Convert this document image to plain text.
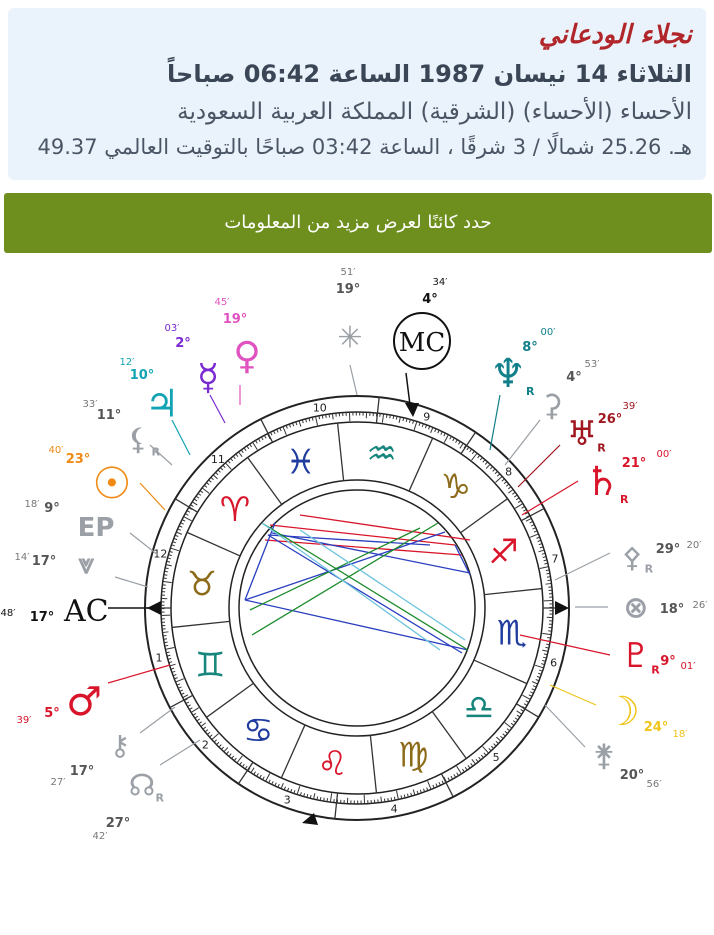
نجلاء الودعاني
الثلاثاء 14 نيسان 1987 الساعة 06:42 صباحاً
الأحساء (الأحساء) (الشرقية) المملكة العربية السعودية
هـ. 25.26 شمالًا / 3 شرقًا ، الساعة 03:42 صباحًا بالتوقيت العالمي 49.37
حدد كائنًا لعرض مزيد من المعلومات
1
2
3
4
5
6
7
8
9
10
11
12
♓ ♒
♑
♐
♏
♎
♍
♌
♋
♊
♉
♈
MC
AC
✳
19°
51′
4°
34′
♀
19°
45′
☿
2°
03′
♃
10°
12′
⚸
11°
33′
R
☉
23°
40′
EP
9°
18′
⩔
17°
14′
17°
48′
♂
5°
39′
⚷
17°
27′ ☊
27°
42′
R
♆
8°
00′
R ⚳
4°
53′
♅ 26°
39′
R
♄ 21°
00′
R
⚴ 29° 20′
R
⊗ 18° 26′
♇ 9° 01′
R
☽ 24° 18′
⚵
20°
56′
